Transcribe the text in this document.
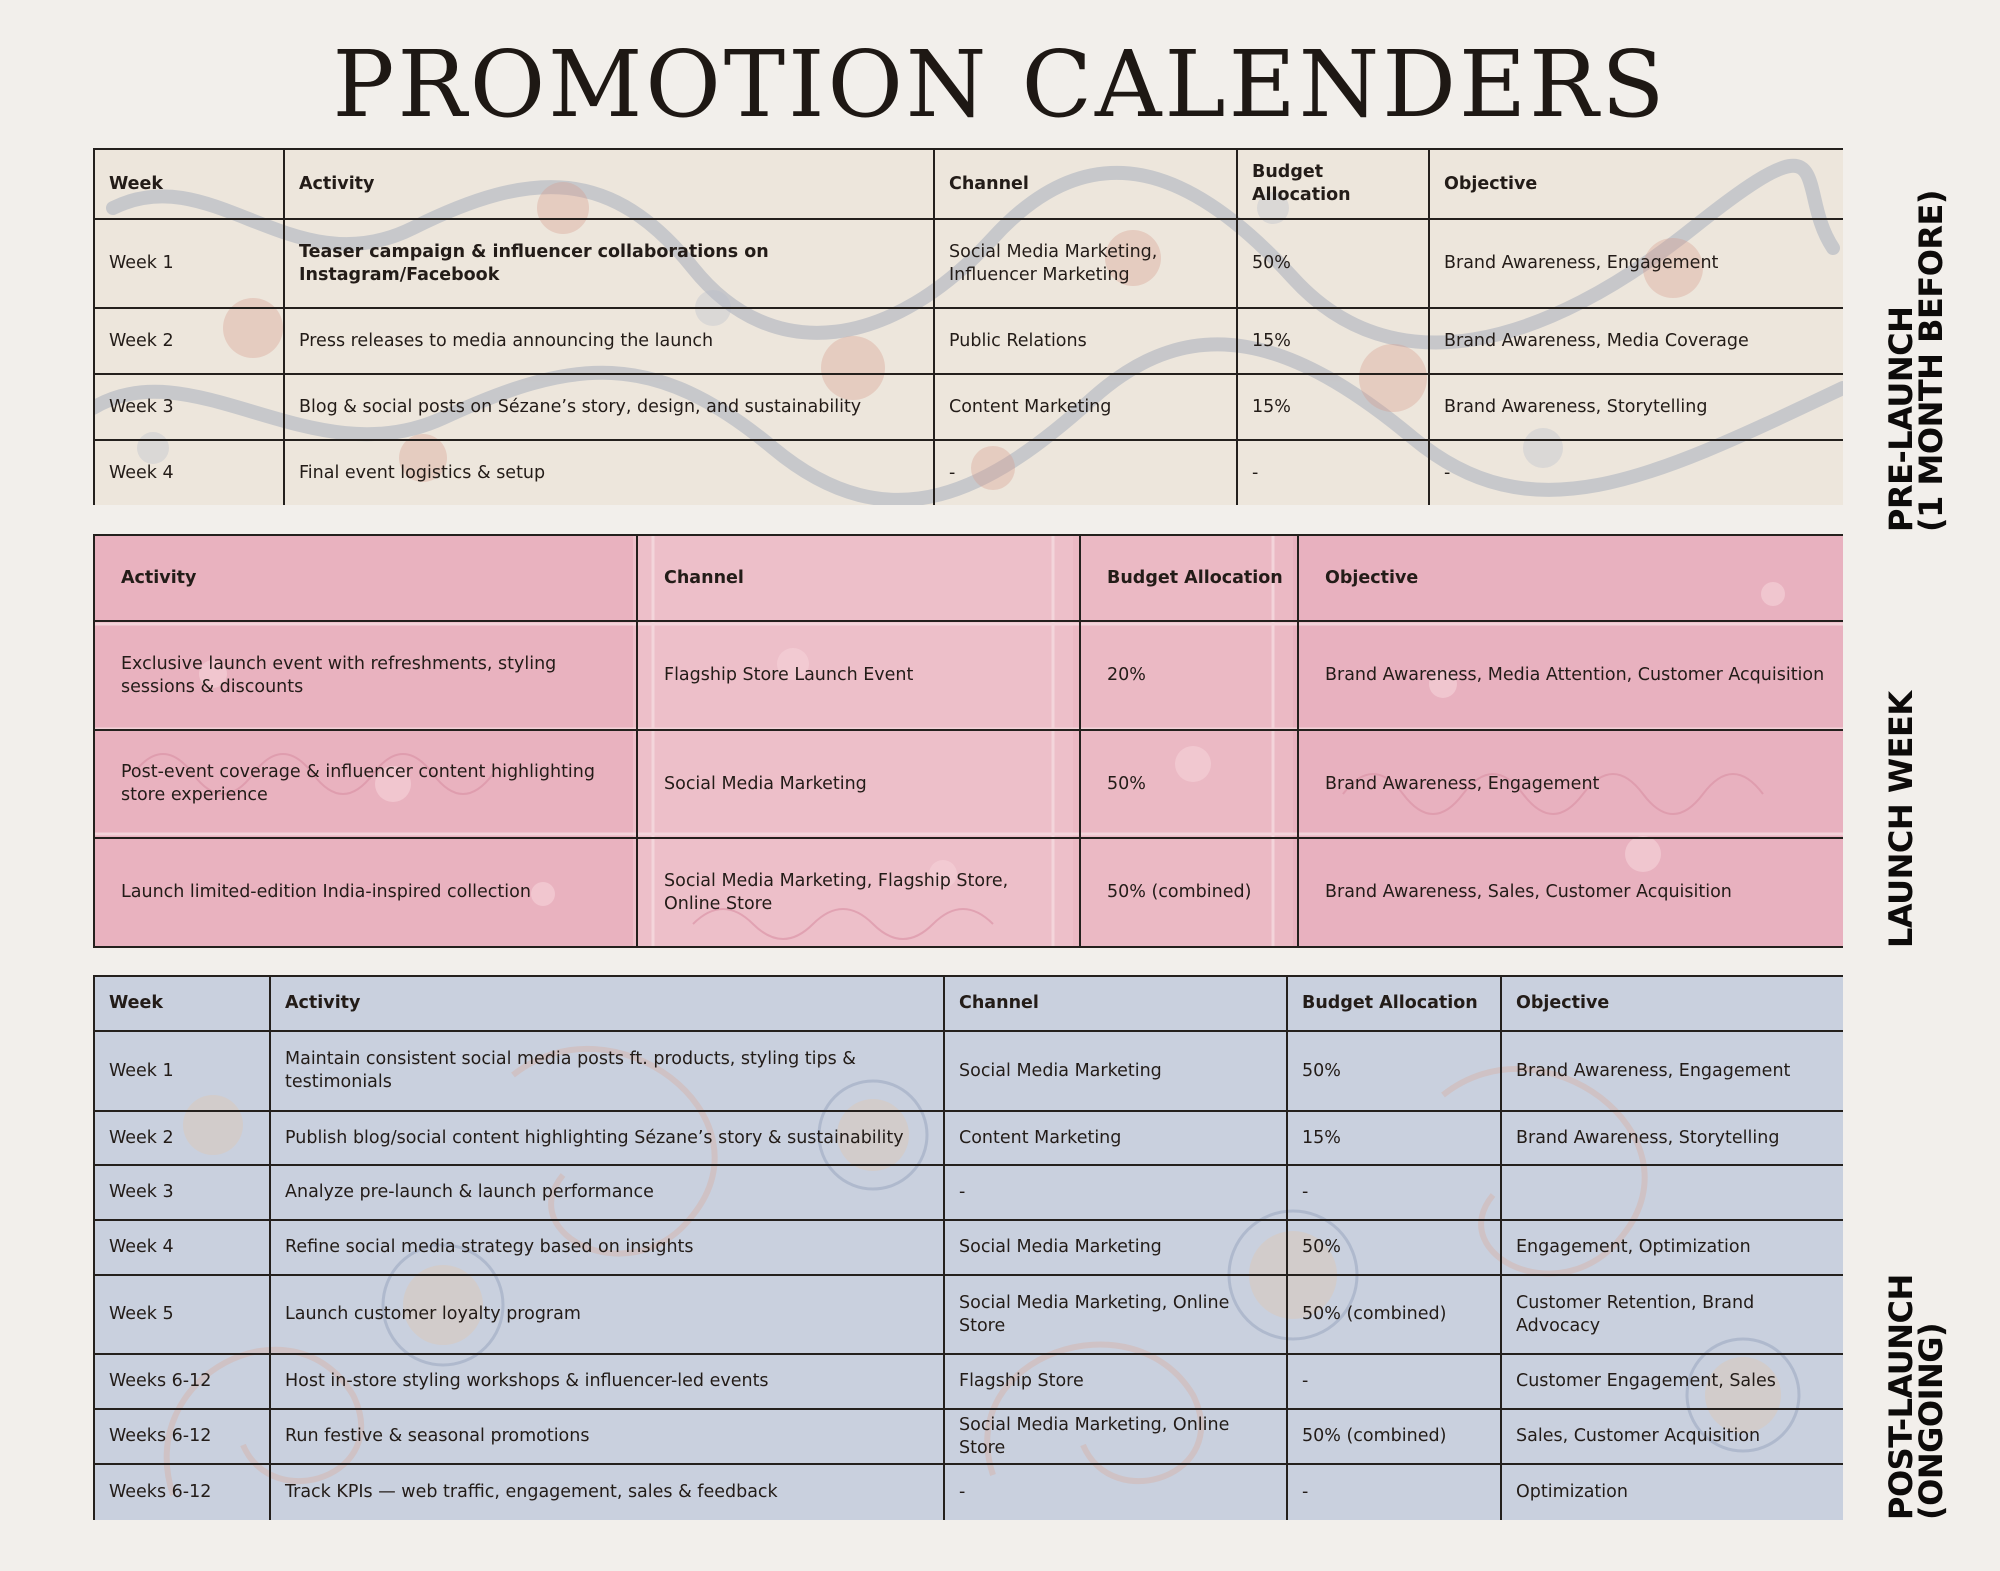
PROMOTION CALENDERS
Week	Activity	Channel	Budget Allocation	Objective
Week 1	Teaser campaign & influencer collaborations on Instagram/Facebook	Social Media Marketing, Influencer Marketing	50%	Brand Awareness, Engagement
Week 2	Press releases to media announcing the launch	Public Relations	15%	Brand Awareness, Media Coverage
Week 3	Blog & social posts on Sézane’s story, design, and sustainability	Content Marketing	15%	Brand Awareness, Storytelling
Week 4	Final event logistics & setup	-	-	-	PRE-LAUNCH
(1 MONTH BEFORE)
Activity	Channel	Budget Allocation	Objective
Exclusive launch event with refreshments, styling sessions & discounts	Flagship Store Launch Event	20%	Brand Awareness, Media Attention, Customer Acquisition
Post-event coverage & influencer content highlighting store experience	Social Media Marketing	50%	Brand Awareness, Engagement
Launch limited-edition India-inspired collection	Social Media Marketing, Flagship Store, Online Store	50% (combined)	Brand Awareness, Sales, Customer Acquisition	LAUNCH WEEK
Week	Activity	Channel	Budget Allocation	Objective
Week 1	Maintain consistent social media posts ft. products, styling tips & testimonials	Social Media Marketing	50%	Brand Awareness, Engagement
Week 2	Publish blog/social content highlighting Sézane’s story & sustainability	Content Marketing	15%	Brand Awareness, Storytelling
Week 3	Analyze pre-launch & launch performance	-	-	
Week 4	Refine social media strategy based on insights	Social Media Marketing	50%	Engagement, Optimization
Week 5	Launch customer loyalty program	Social Media Marketing, Online Store	50% (combined)	Customer Retention, Brand Advocacy
Weeks 6-12	Host in-store styling workshops & influencer-led events	Flagship Store	-	Customer Engagement, Sales
Weeks 6-12	Run festive & seasonal promotions	Social Media Marketing, Online Store	50% (combined)	Sales, Customer Acquisition
Weeks 6-12	Track KPIs — web traffic, engagement, sales & feedback	-	-	Optimization	POST-LAUNCH
(ONGOING)
